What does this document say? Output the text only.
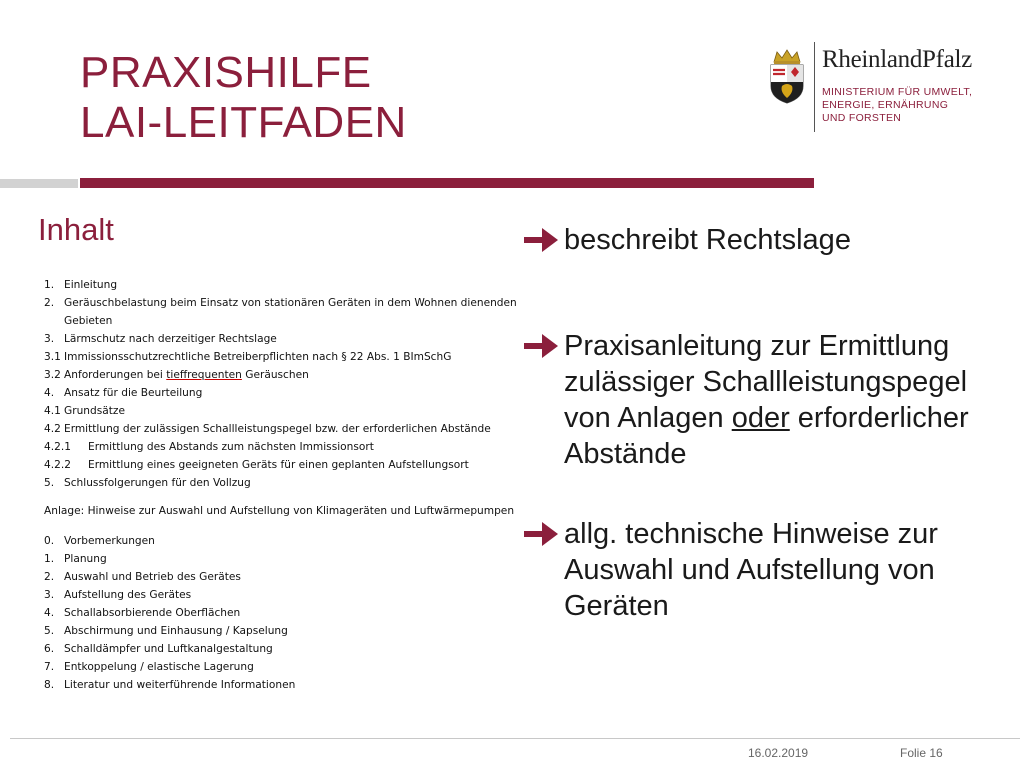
PRAXISHILFE
LAI-LEITFADEN
RheinlandPfalz
MINISTERIUM FÜR UMWELT,
ENERGIE, ERNÄHRUNG
UND FORSTEN
Inhalt
1. Einleitung
2. Geräuschbelastung beim Einsatz von stationären Geräten in dem Wohnen dienenden Gebieten
3. Lärmschutz nach derzeitiger Rechtslage
3.1 Immissionsschutzrechtliche Betreiberpflichten nach § 22 Abs. 1 BImSchG
3.2 Anforderungen bei tieffrequenten Geräuschen
4. Ansatz für die Beurteilung
4.1 Grundsätze
4.2 Ermittlung der zulässigen Schallleistungspegel bzw. der erforderlichen Abstände
4.2.1 Ermittlung des Abstands zum nächsten Immissionsort
4.2.2 Ermittlung eines geeigneten Geräts für einen geplanten Aufstellungsort
5. Schlussfolgerungen für den Vollzug
Anlage: Hinweise zur Auswahl und Aufstellung von Klimageräten und Luftwärmepumpen
0. Vorbemerkungen
1. Planung
2. Auswahl und Betrieb des Gerätes
3. Aufstellung des Gerätes
4. Schallabsorbierende Oberflächen
5. Abschirmung und Einhausung / Kapselung
6. Schalldämpfer und Luftkanalgestaltung
7. Entkoppelung / elastische Lagerung
8. Literatur und weiterführende Informationen
beschreibt Rechtslage
Praxisanleitung zur Ermittlung zulässiger Schallleistungspegel von Anlagen oder erforderlicher Abstände
allg. technische Hinweise zur Auswahl und Aufstellung von Geräten
16.02.2019	Folie 16
